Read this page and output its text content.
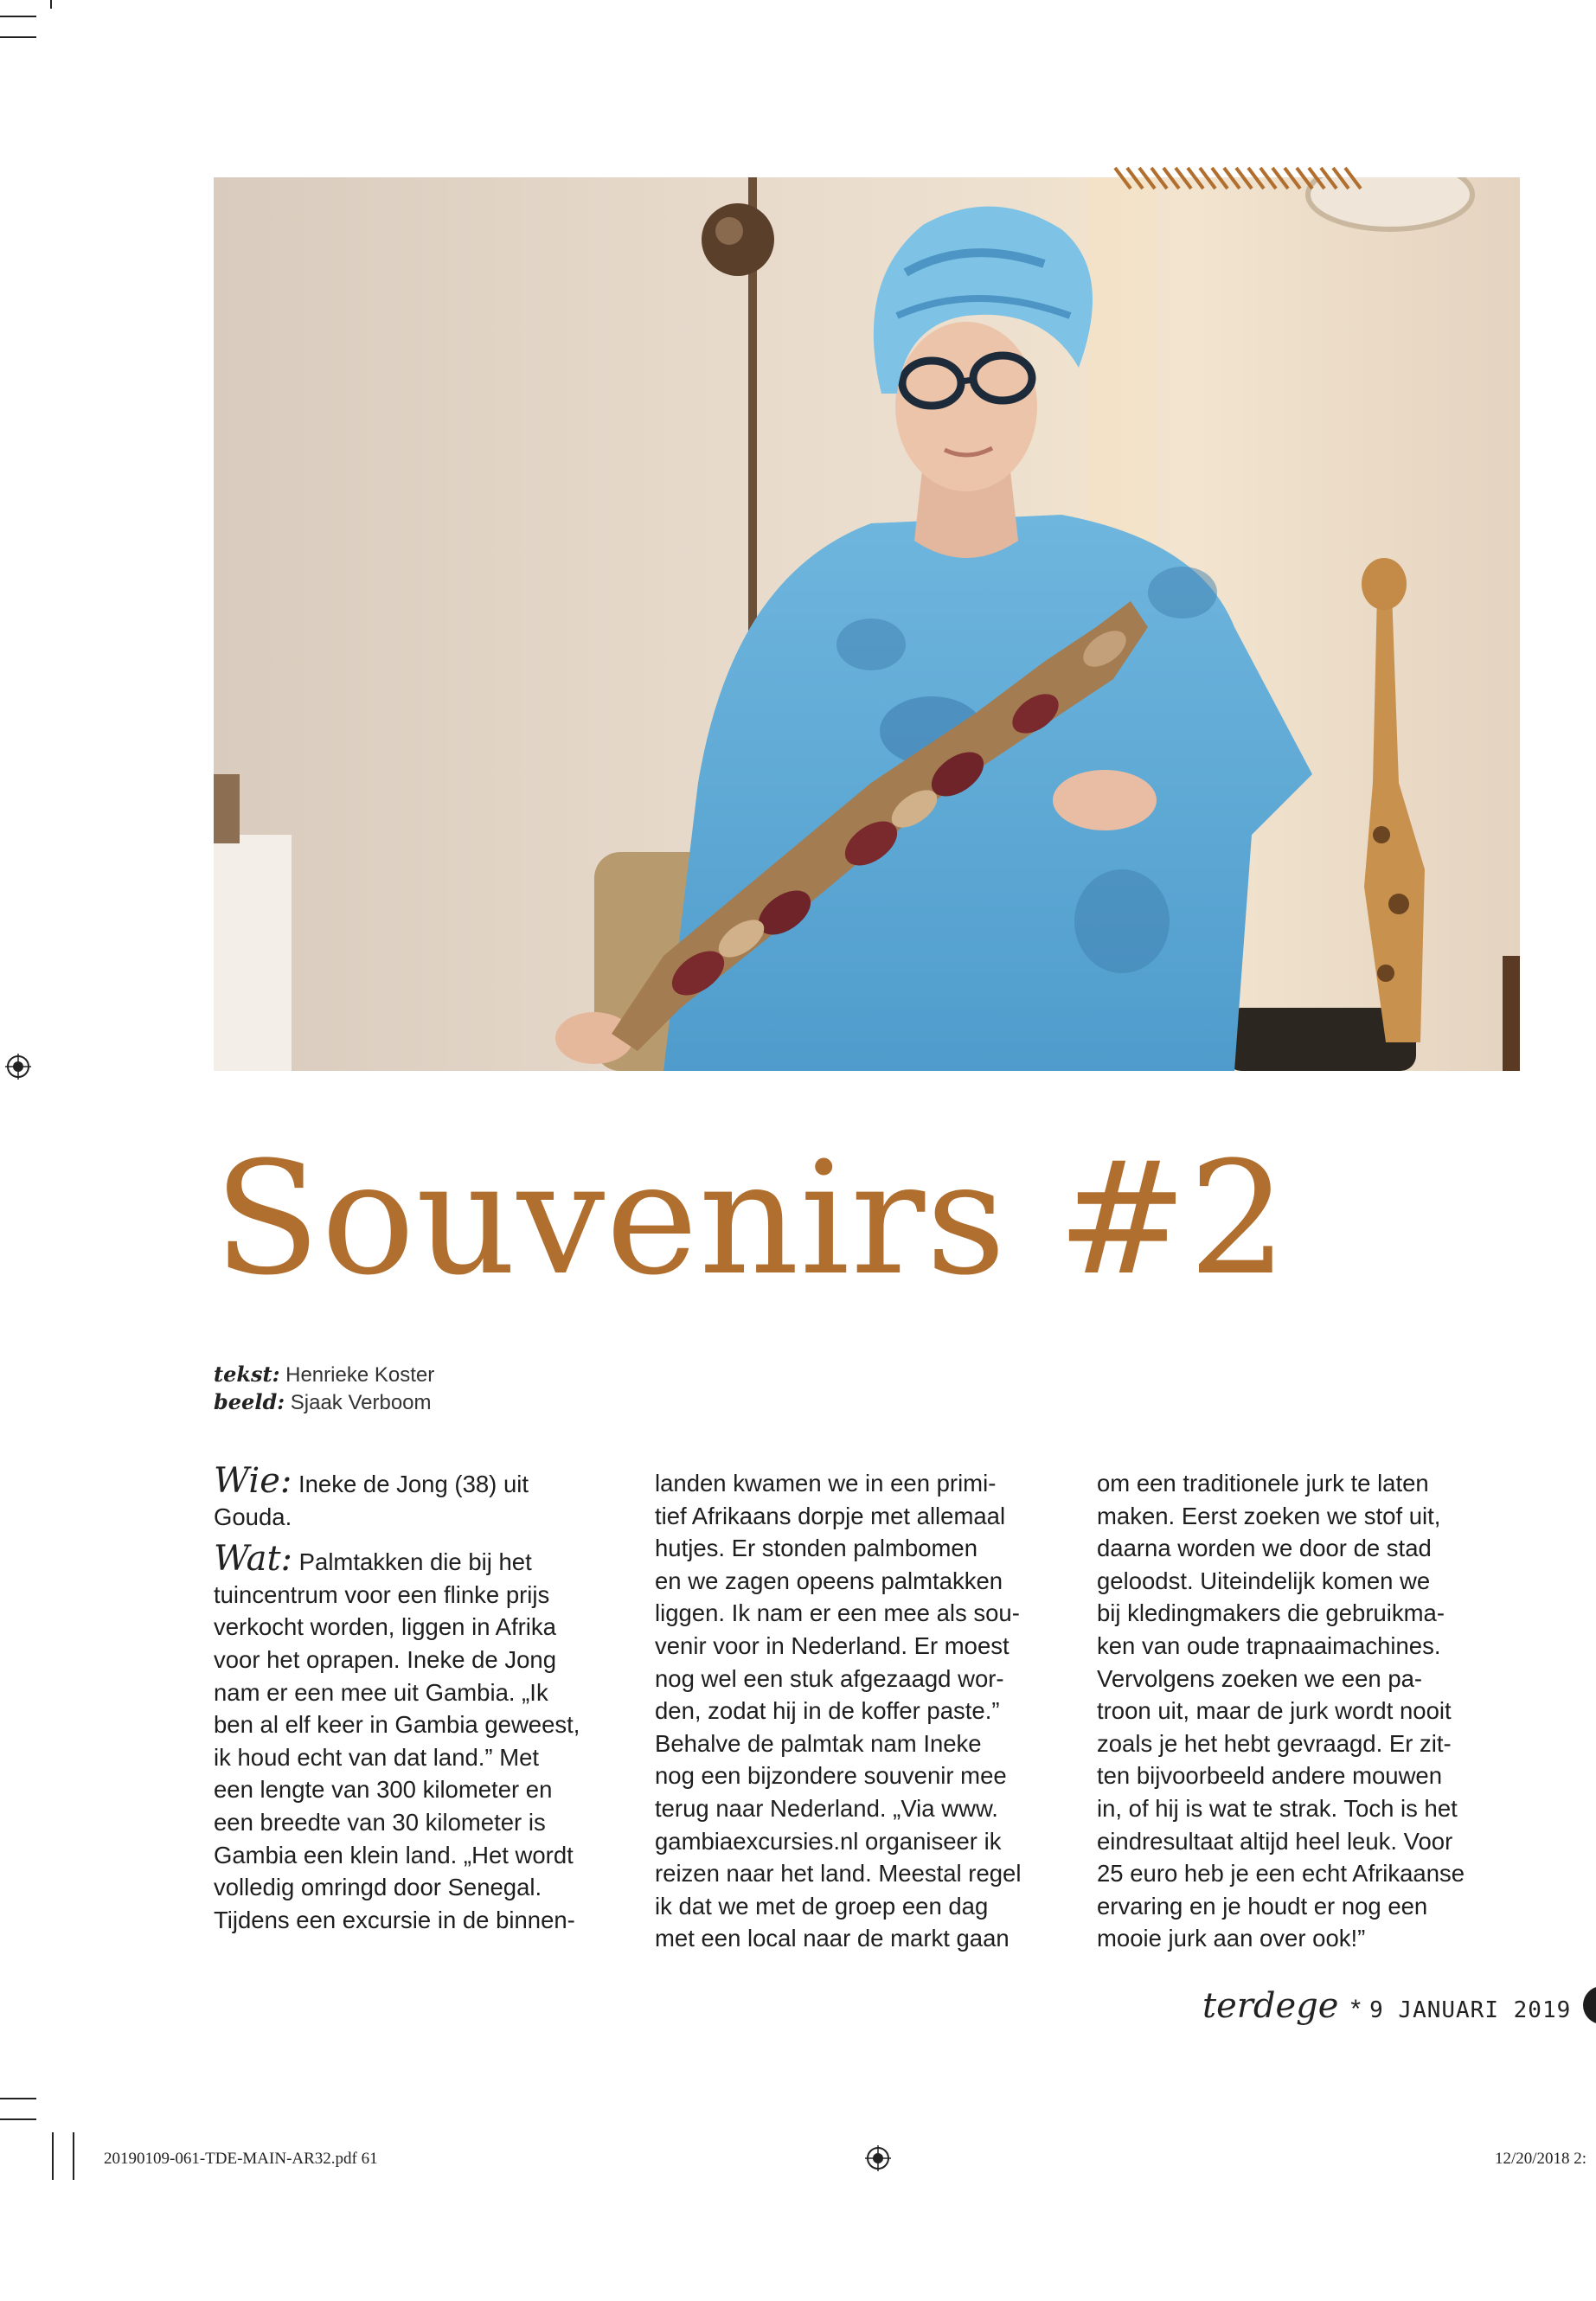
Souvenirs #2
tekst: Henrieke Koster
beeld: Sjaak Verboom

Wie: Ineke de Jong (38) uit

Gouda.

Wat: Palmtakken die bij het

tuincentrum voor een flinke prijs

verkocht worden, liggen in Afrika

voor het oprapen. Ineke de Jong

nam er een mee uit Gambia. „Ik

ben al elf keer in Gambia geweest,

ik houd echt van dat land.” Met

een lengte van 300 kilometer en

een breedte van 30 kilometer is

Gambia een klein land. „Het wordt

volledig omringd door Senegal.

Tijdens een excursie in de binnen-

landen kwamen we in een primi-

tief Afrikaans dorpje met allemaal

hutjes. Er stonden palmbomen

en we zagen opeens palmtakken

liggen. Ik nam er een mee als sou-

venir voor in Nederland. Er moest

nog wel een stuk afgezaagd wor-

den, zodat hij in de koffer paste.”

Behalve de palmtak nam Ineke

nog een bijzondere souvenir mee

terug naar Nederland. „Via www.

gambiaexcursies.nl organiseer ik

reizen naar het land. Meestal regel

ik dat we met de groep een dag

met een local naar de markt gaan

om een traditionele jurk te laten

maken. Eerst zoeken we stof uit,

daarna worden we door de stad

geloodst. Uiteindelijk komen we

bij kledingmakers die gebruikma-

ken van oude trapnaaimachines.

Vervolgens zoeken we een pa-

troon uit, maar de jurk wordt nooit

zoals je het hebt gevraagd. Er zit-

ten bijvoorbeeld andere mouwen

in, of hij is wat te strak. Toch is het

eindresultaat altijd heel leuk. Voor

25 euro heb je een echt Afrikaanse

ervaring en je houdt er nog een

mooie jurk aan over ook!”

terdege * 9 JANUARI 2019
20190109-061-TDE-MAIN-AR32.pdf 61	12/20/2018 2:
